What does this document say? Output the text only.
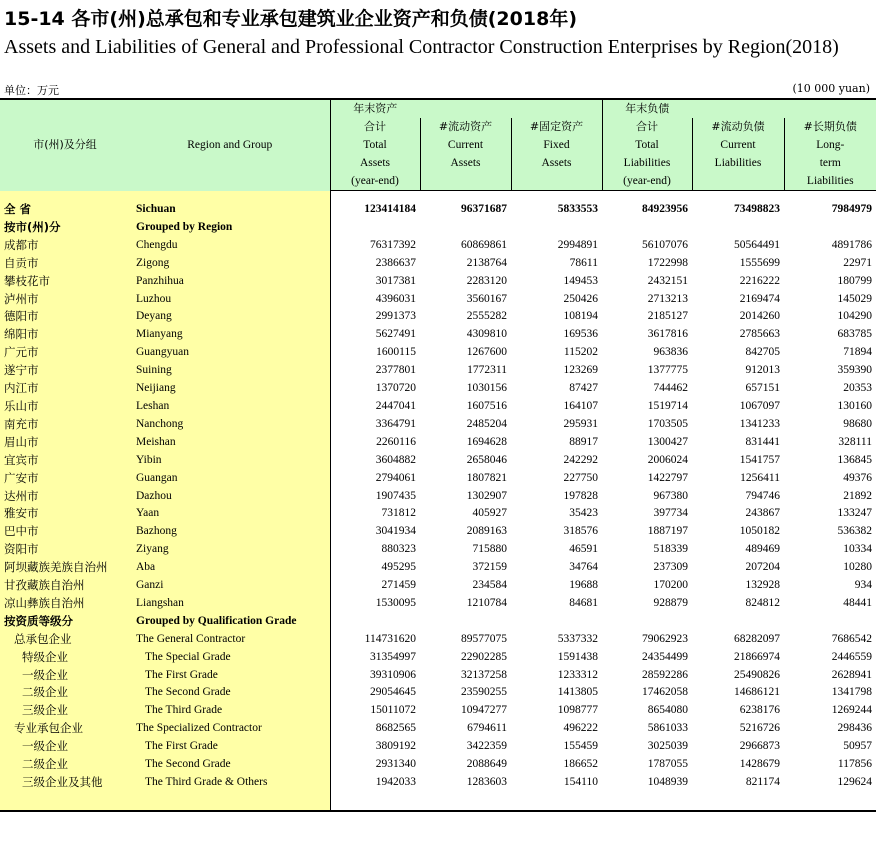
15-14 各市(州)总承包和专业承包建筑业企业资产和负债(2018年)
Assets and Liabilities of General and Professional Contractor Construction Enterprises by Region(2018)
单位：万元	(10 000 yuan)
市(州)及分组	Region and Group	年末资产			年末负债		
		合计	#流动资产	#固定资产	合计	#流动负债	#长期负债
		Total	Current	Fixed	Total	Current	Long-
		Assets	Assets	Assets	Liabilities	Liabilities	term
		(year-end)			(year-end)		Liabilities

全 省	Sichuan	123414184	96371687	5833553	84923956	73498823	7984979
按市(州)分	Grouped by Region						
成都市	Chengdu	76317392	60869861	2994891	56107076	50564491	4891786
自贡市	Zigong	2386637	2138764	78611	1722998	1555699	22971
攀枝花市	Panzhihua	3017381	2283120	149453	2432151	2216222	180799
泸州市	Luzhou	4396031	3560167	250426	2713213	2169474	145029
德阳市	Deyang	2991373	2555282	108194	2185127	2014260	104290
绵阳市	Mianyang	5627491	4309810	169536	3617816	2785663	683785
广元市	Guangyuan	1600115	1267600	115202	963836	842705	71894
遂宁市	Suining	2377801	1772311	123269	1377775	912013	359390
内江市	Neijiang	1370720	1030156	87427	744462	657151	20353
乐山市	Leshan	2447041	1607516	164107	1519714	1067097	130160
南充市	Nanchong	3364791	2485204	295931	1703505	1341233	98680
眉山市	Meishan	2260116	1694628	88917	1300427	831441	328111
宜宾市	Yibin	3604882	2658046	242292	2006024	1541757	136845
广安市	Guangan	2794061	1807821	227750	1422797	1256411	49376
达州市	Dazhou	1907435	1302907	197828	967380	794746	21892
雅安市	Yaan	731812	405927	35423	397734	243867	133247
巴中市	Bazhong	3041934	2089163	318576	1887197	1050182	536382
资阳市	Ziyang	880323	715880	46591	518339	489469	10334
阿坝藏族羌族自治州	Aba	495295	372159	34764	237309	207204	10280
甘孜藏族自治州	Ganzi	271459	234584	19688	170200	132928	934
凉山彝族自治州	Liangshan	1530095	1210784	84681	928879	824812	48441
按资质等级分	Grouped by Qualification Grade						
总承包企业	The General Contractor	114731620	89577075	5337332	79062923	68282097	7686542
特级企业	The Special Grade	31354997	22902285	1591438	24354499	21866974	2446559
一级企业	The First Grade	39310906	32137258	1233312	28592286	25490826	2628941
二级企业	The Second Grade	29054645	23590255	1413805	17462058	14686121	1341798
三级企业	The Third Grade	15011072	10947277	1098777	8654080	6238176	1269244
专业承包企业	The Specialized Contractor	8682565	6794611	496222	5861033	5216726	298436
一级企业	The First Grade	3809192	3422359	155459	3025039	2966873	50957
二级企业	The Second Grade	2931340	2088649	186652	1787055	1428679	117856
三级企业及其他	The Third Grade & Others	1942033	1283603	154110	1048939	821174	129624
